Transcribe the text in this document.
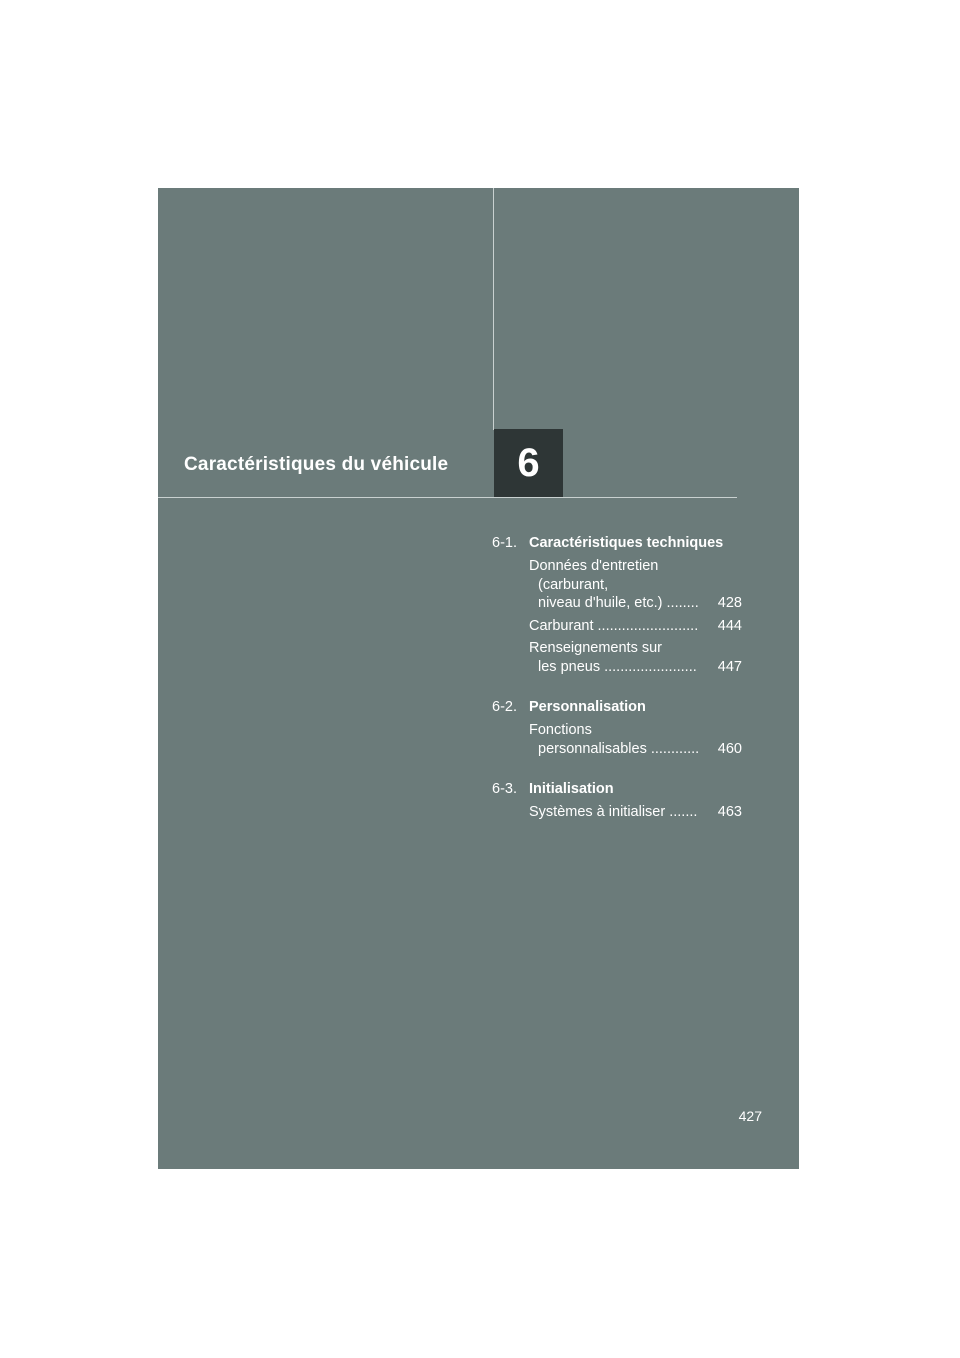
6
Caractéristiques du véhicule
6-1. Caractéristiques techniques
Données d'entretien
(carburant,
niveau d'huile, etc.) ........	428
Carburant .........................	444
Renseignements sur
les pneus .......................	447
6-2. Personnalisation
Fonctions
personnalisables ............	460
6-3. Initialisation
Systèmes à initialiser .......	463
427
